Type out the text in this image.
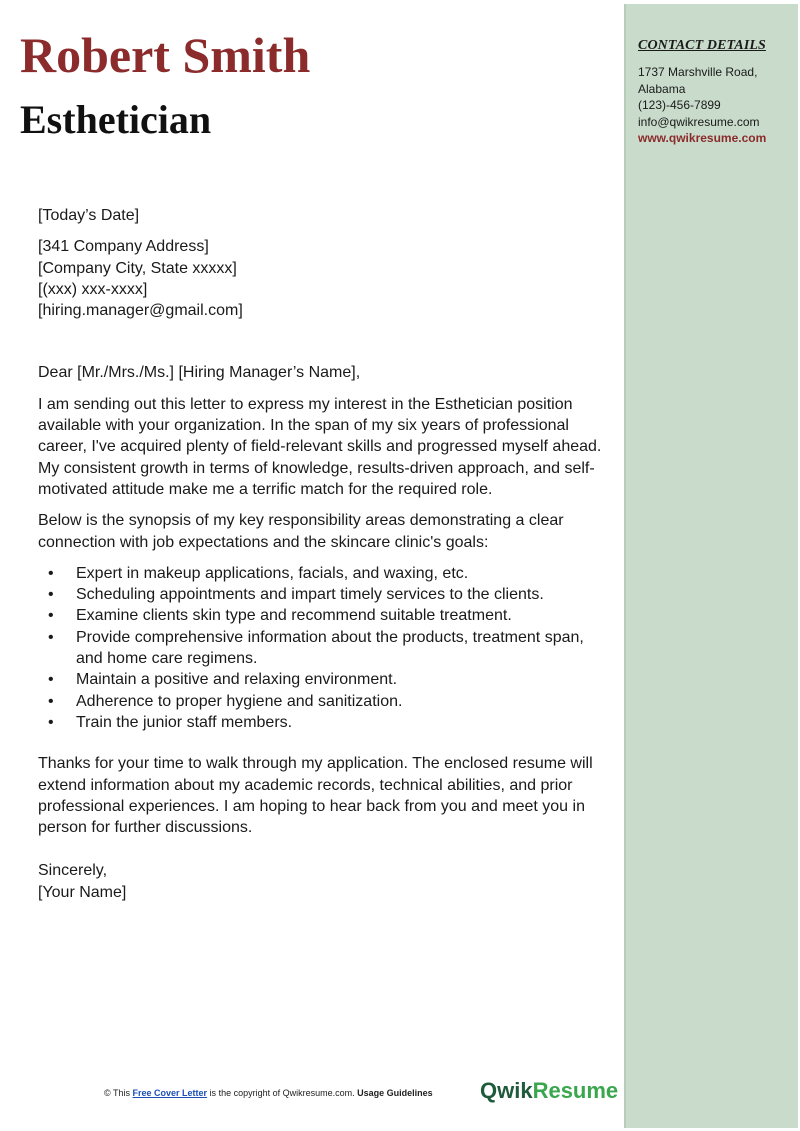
Robert Smith
Esthetician
CONTACT DETAILS
1737 Marshville Road,
Alabama
(123)-456-7899
info@qwikresume.com
www.qwikresume.com
[Today’s Date]
[341 Company Address]
[Company City, State xxxxx]
[(xxx) xxx-xxxx]
[hiring.manager@gmail.com]
Dear [Mr./Mrs./Ms.] [Hiring Manager’s Name],
I am sending out this letter to express my interest in the Esthetician position available with your organization. In the span of my six years of professional career, I've acquired plenty of field-relevant skills and progressed myself ahead. My consistent growth in terms of knowledge, results-driven approach, and self-motivated attitude make me a terrific match for the required role.
Below is the synopsis of my key responsibility areas demonstrating a clear connection with job expectations and the skincare clinic's goals:
• Expert in makeup applications, facials, and waxing, etc.
• Scheduling appointments and impart timely services to the clients.
• Examine clients skin type and recommend suitable treatment.
• Provide comprehensive information about the products, treatment span, and home care regimens.
• Maintain a positive and relaxing environment.
• Adherence to proper hygiene and sanitization.
• Train the junior staff members.
Thanks for your time to walk through my application. The enclosed resume will extend information about my academic records, technical abilities, and prior professional experiences. I am hoping to hear back from you and meet you in person for further discussions.
Sincerely,
[Your Name]
© This Free Cover Letter is the copyright of Qwikresume.com. Usage Guidelines QwikResume
